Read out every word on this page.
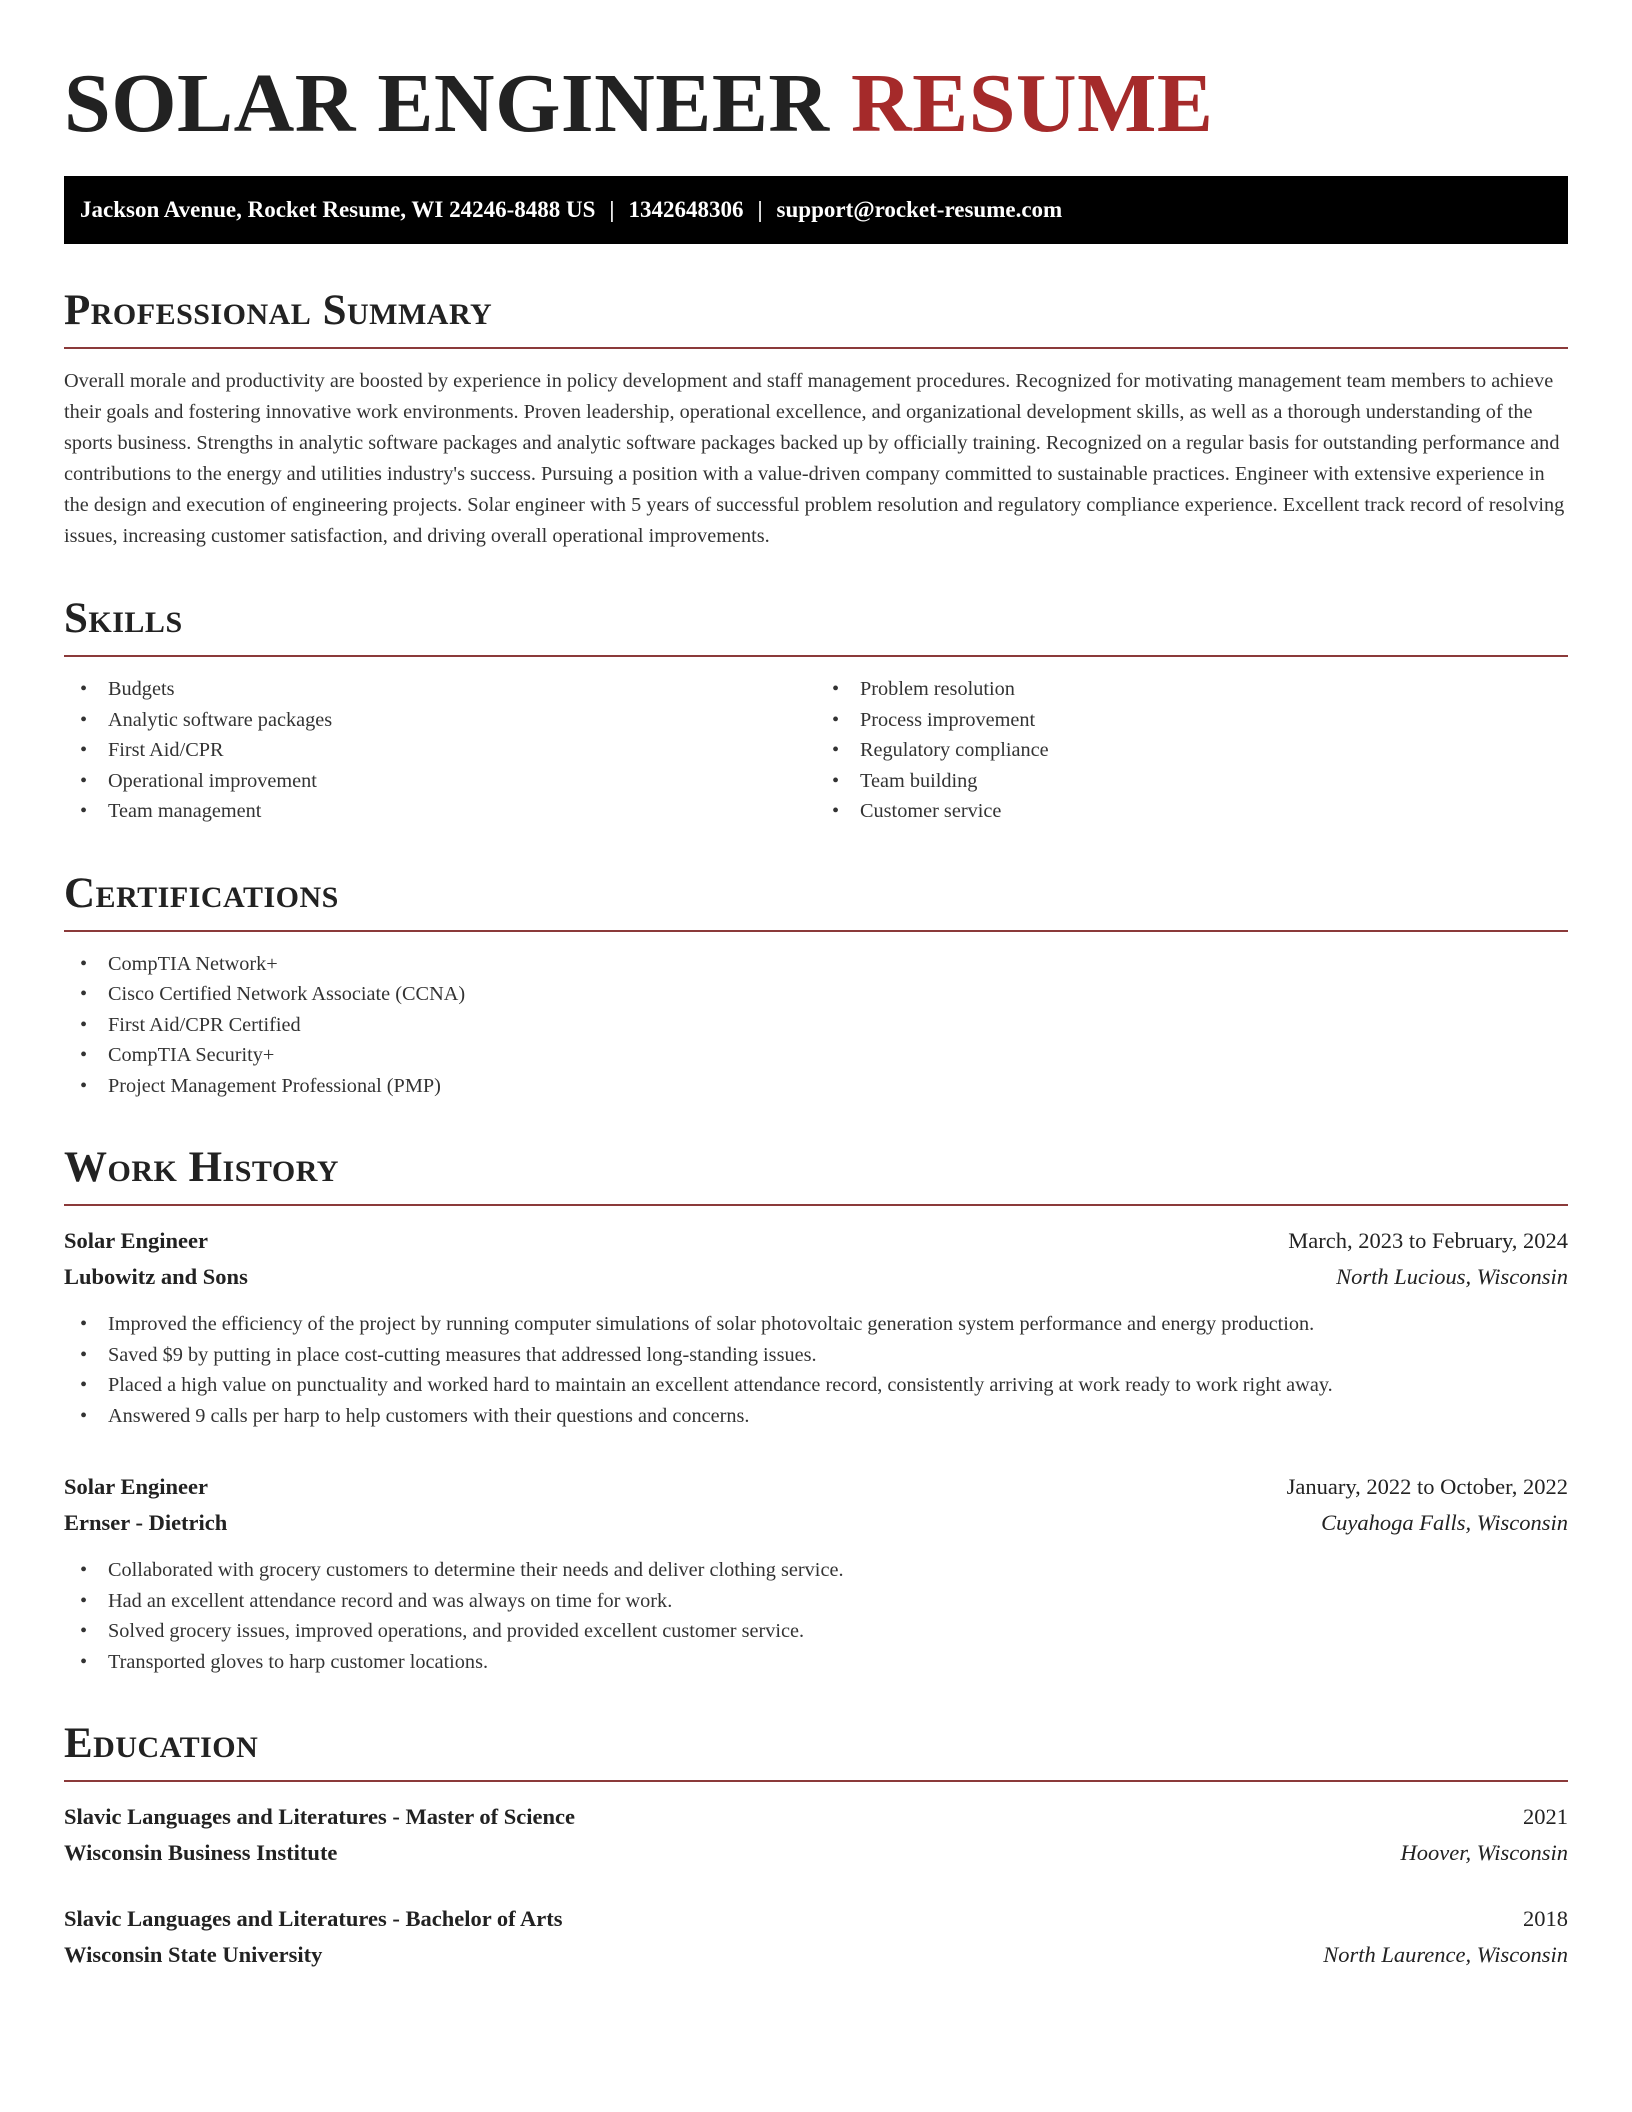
SOLAR ENGINEER RESUME
Jackson Avenue, Rocket Resume, WI 24246-8488 US | 1342648306 | support@rocket-resume.com
Professional Summary

Overall morale and productivity are boosted by experience in policy development and staff management procedures. Recognized for motivating management team members to achieve their goals and fostering innovative work environments. Proven leadership, operational excellence, and organizational development skills, as well as a thorough understanding of the sports business. Strengths in analytic software packages and analytic software packages backed up by officially training. Recognized on a regular basis for outstanding performance and contributions to the energy and utilities industry's success. Pursuing a position with a value-driven company committed to sustainable practices. Engineer with extensive experience in the design and execution of engineering projects. Solar engineer with 5 years of successful problem resolution and regulatory compliance experience. Excellent track record of resolving issues, increasing customer satisfaction, and driving overall operational improvements.

Skills
• Budgets
• Analytic software packages
• First Aid/CPR
• Operational improvement
• Team management
• Problem resolution
• Process improvement
• Regulatory compliance
• Team building
• Customer service
Certifications
• CompTIA Network+
• Cisco Certified Network Associate (CCNA)
• First Aid/CPR Certified
• CompTIA Security+
• Project Management Professional (PMP)
Work History
Solar Engineer	March, 2023 to February, 2024
Lubowitz and Sons	North Lucious, Wisconsin
• Improved the efficiency of the project by running computer simulations of solar photovoltaic generation system performance and energy production.
• Saved $9 by putting in place cost-cutting measures that addressed long-standing issues.
• Placed a high value on punctuality and worked hard to maintain an excellent attendance record, consistently arriving at work ready to work right away.
• Answered 9 calls per harp to help customers with their questions and concerns.
Solar Engineer	January, 2022 to October, 2022
Ernser - Dietrich	Cuyahoga Falls, Wisconsin
• Collaborated with grocery customers to determine their needs and deliver clothing service.
• Had an excellent attendance record and was always on time for work.
• Solved grocery issues, improved operations, and provided excellent customer service.
• Transported gloves to harp customer locations.
Education
Slavic Languages and Literatures - Master of Science	2021
Wisconsin Business Institute	Hoover, Wisconsin
Slavic Languages and Literatures - Bachelor of Arts	2018
Wisconsin State University	North Laurence, Wisconsin
